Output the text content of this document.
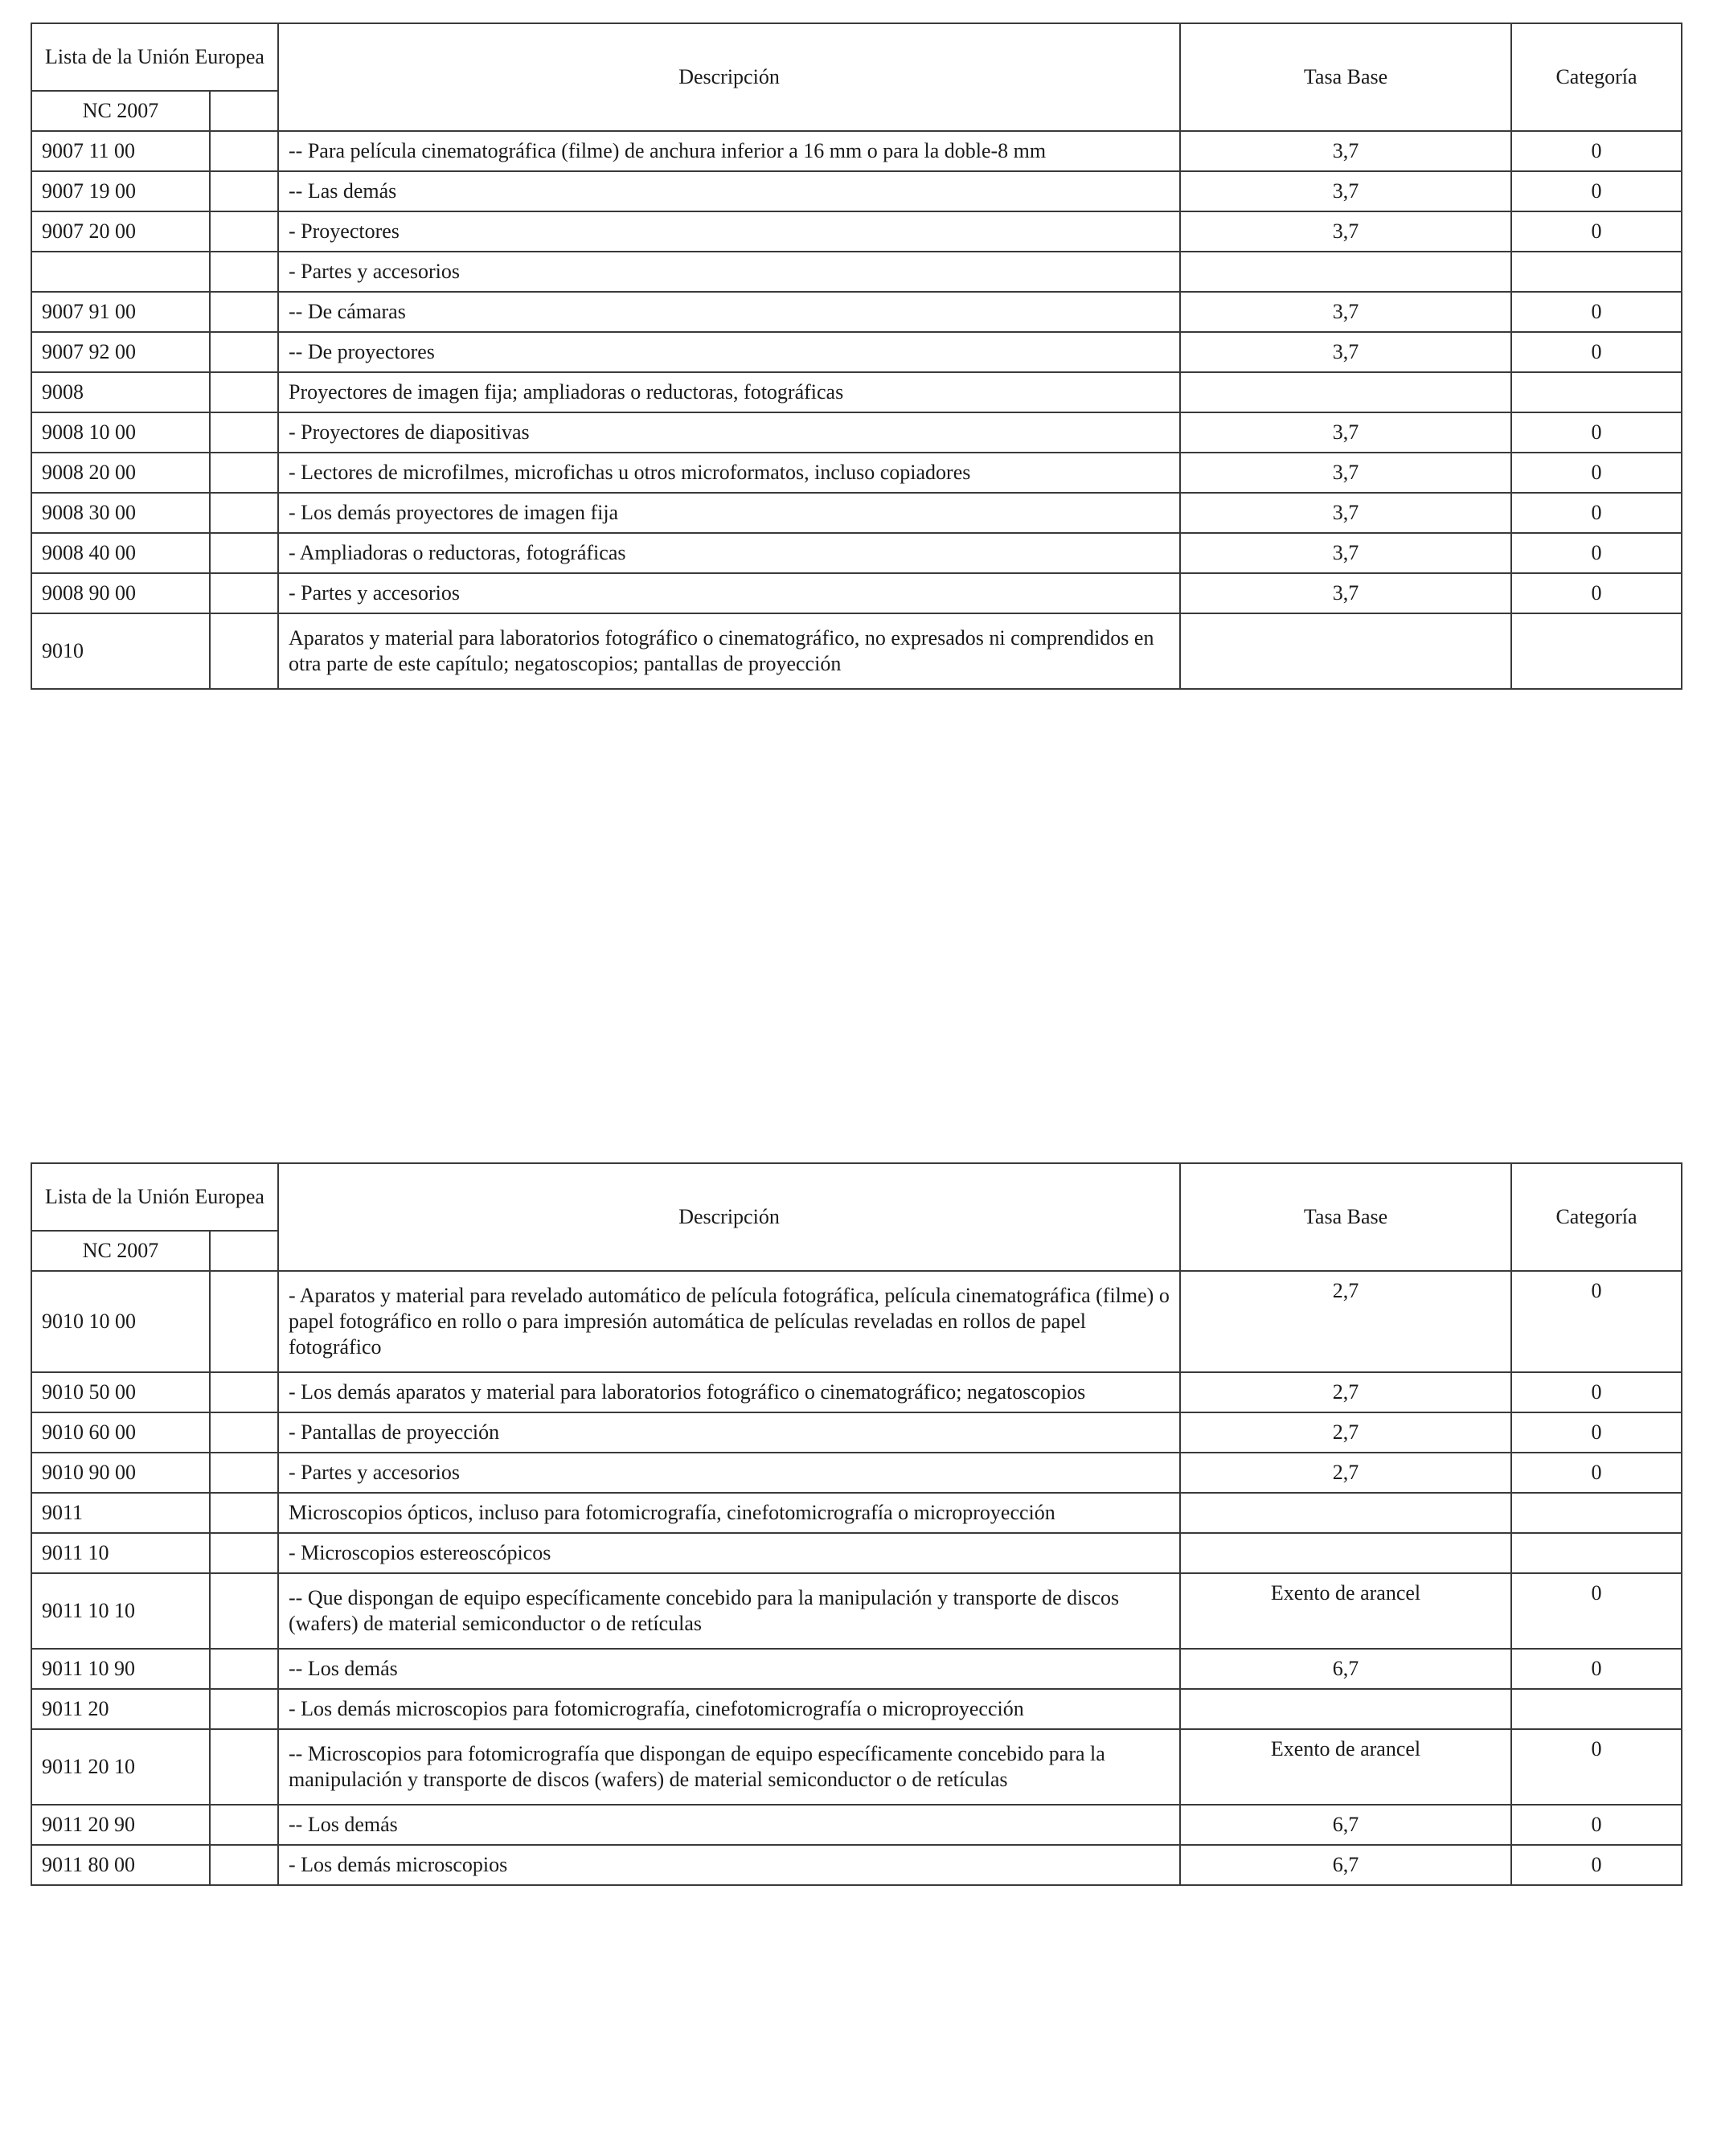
Lista de la Unión Europea		Descripción	Tasa Base	Categoría
NC 2007				
9007 11 00		-- Para película cinematográfica (filme) de anchura inferior a 16 mm o para la doble-8 mm	3,7	0
9007 19 00		-- Las demás	3,7	0
9007 20 00		- Proyectores	3,7	0
		- Partes y accesorios		
9007 91 00		-- De cámaras	3,7	0
9007 92 00		-- De proyectores	3,7	0
9008		Proyectores de imagen fija; ampliadoras o reductoras, fotográficas		
9008 10 00		- Proyectores de diapositivas	3,7	0
9008 20 00		- Lectores de microfilmes, microfichas u otros microformatos, incluso copiadores	3,7	0
9008 30 00		- Los demás proyectores de imagen fija	3,7	0
9008 40 00		- Ampliadoras o reductoras, fotográficas	3,7	0
9008 90 00		- Partes y accesorios	3,7	0
9010		Aparatos y material para laboratorios fotográfico o cinematográfico, no expresados ni comprendidos en otra parte de este capítulo; negatoscopios; pantallas de proyección		
Lista de la Unión Europea		Descripción	Tasa Base	Categoría
NC 2007				
9010 10 00		- Aparatos y material para revelado automático de película fotográfica, película cinematográfica (filme) o papel fotográfico en rollo o para impresión automática de películas reveladas en rollos de papel fotográfico	2,7	0
9010 50 00		- Los demás aparatos y material para laboratorios fotográfico o cinematográfico; negatoscopios	2,7	0
9010 60 00		- Pantallas de proyección	2,7	0
9010 90 00		- Partes y accesorios	2,7	0
9011		Microscopios ópticos, incluso para fotomicrografía, cinefotomicrografía o microproyección		
9011 10		- Microscopios estereoscópicos		
9011 10 10		-- Que dispongan de equipo específicamente concebido para la manipulación y transporte de discos (wafers) de material semiconductor o de retículas	Exento de arancel	0
9011 10 90		-- Los demás	6,7	0
9011 20		- Los demás microscopios para fotomicrografía, cinefotomicrografía o microproyección		
9011 20 10		-- Microscopios para fotomicrografía que dispongan de equipo específicamente concebido para la manipulación y transporte de discos (wafers) de material semiconductor o de retículas	Exento de arancel	0
9011 20 90		-- Los demás	6,7	0
9011 80 00		- Los demás microscopios	6,7	0
